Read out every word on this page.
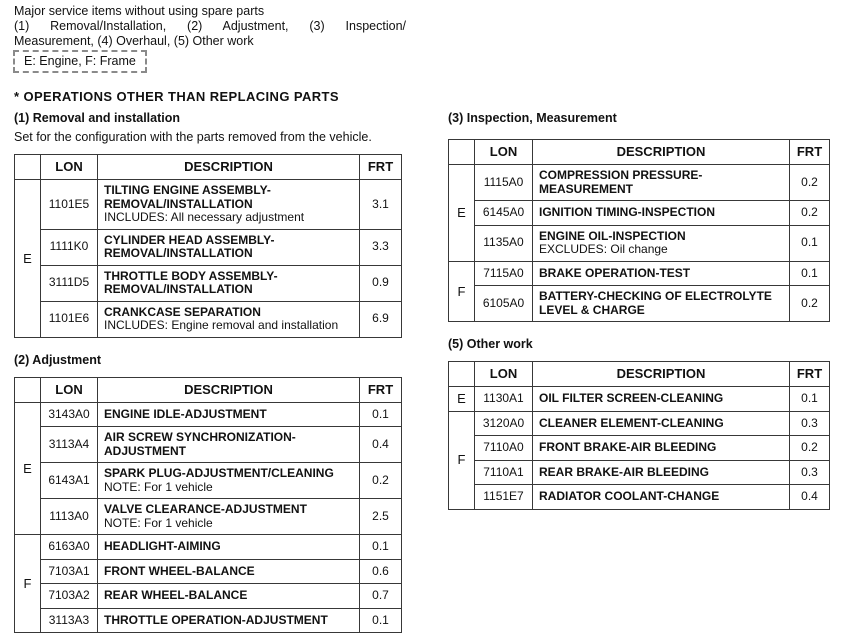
Major service items without using spare parts
(1) Removal/Installation, (2) Adjustment, (3) Inspection/
Measurement, (4) Overhaul, (5) Other work
E: Engine, F: Frame
* OPERATIONS OTHER THAN REPLACING PARTS
(1) Removal and installation
Set for the configuration with the parts removed from the vehicle.
	LON	DESCRIPTION	FRT
E	1101E5	TILTING ENGINE ASSEMBLY-REMOVAL/INSTALLATION
INCLUDES: All necessary adjustment	3.1
	1111K0	CYLINDER HEAD ASSEMBLY-REMOVAL/INSTALLATION	3.3
	3111D5	THROTTLE BODY ASSEMBLY-REMOVAL/INSTALLATION	0.9
	1101E6	CRANKCASE SEPARATION
INCLUDES: Engine removal and installation	6.9
(2) Adjustment
	LON	DESCRIPTION	FRT
E	3143A0	ENGINE IDLE-ADJUSTMENT	0.1
	3113A4	AIR SCREW SYNCHRONIZATION-ADJUSTMENT	0.4
	6143A1	SPARK PLUG-ADJUSTMENT/CLEANING
NOTE: For 1 vehicle	0.2
	1113A0	VALVE CLEARANCE-ADJUSTMENT
NOTE: For 1 vehicle	2.5
F	6163A0	HEADLIGHT-AIMING	0.1
	7103A1	FRONT WHEEL-BALANCE	0.6
	7103A2	REAR WHEEL-BALANCE	0.7
	3113A3	THROTTLE OPERATION-ADJUSTMENT	0.1
(3) Inspection, Measurement
	LON	DESCRIPTION	FRT
E	1115A0	COMPRESSION PRESSURE-MEASUREMENT	0.2
	6145A0	IGNITION TIMING-INSPECTION	0.2
	1135A0	ENGINE OIL-INSPECTION
EXCLUDES: Oil change	0.1
F	7115A0	BRAKE OPERATION-TEST	0.1
	6105A0	BATTERY-CHECKING OF ELECTROLYTE LEVEL & CHARGE	0.2
(5) Other work
	LON	DESCRIPTION	FRT
E	1130A1	OIL FILTER SCREEN-CLEANING	0.1
F	3120A0	CLEANER ELEMENT-CLEANING	0.3
	7110A0	FRONT BRAKE-AIR BLEEDING	0.2
	7110A1	REAR BRAKE-AIR BLEEDING	0.3
	1151E7	RADIATOR COOLANT-CHANGE	0.4
